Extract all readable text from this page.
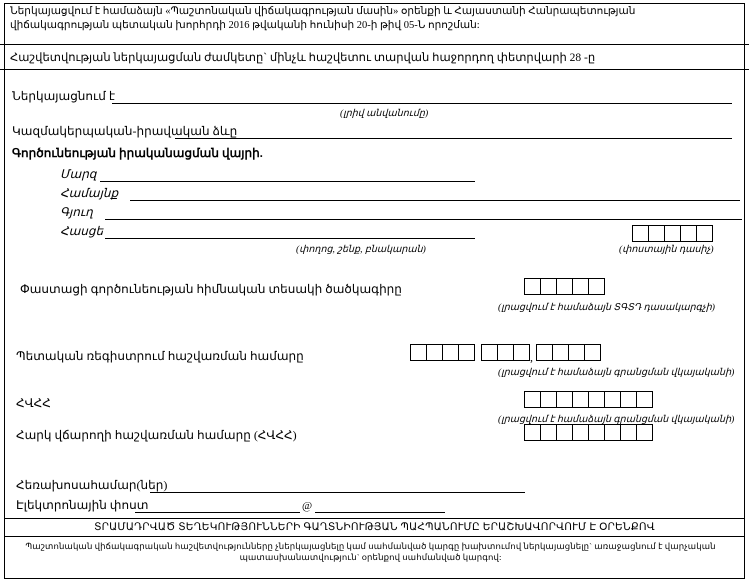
Ներկայացվում է համաձայն «Պաշտոնական վիճակագրության մասին» օրենքի և Հայաստանի Հանրապետության վիճակագրության պետական խորհրդի 2016 թվականի հունիսի 20-ի թիվ 05-Ն որոշման:
Հաշվետվության ներկայացման ժամկետը` մինչև հաշվետու տարվան հաջորդող փետրվարի 28 -ը
Ներկայացնում է
(լրիվ անվանումը)
Կազմակերպական-իրավական ձևը
Գործունեության իրականացման վայրի.
Մարզ
Համայնք
Գյուղ
Հասցե
(փողոց, շենք, բնակարան)	(փոստային դասիչ)
Փաստացի գործունեության հիմնական տեսակի ծածկագիրը
(լրացվում է համաձայն ՏԳՏԴ դասակարգչի)
Պետական ռեգիստրում հաշվառման համարը	,
(լրացվում է համաձայն գրանցման վկայականի)
ՀՎՀՀ
(լրացվում է համաձայն գրանցման վկայականի)
Հարկ վճարողի հաշվառման համարը (ՀՎՀՀ)
Հեռախոսահամար(ներ)
Էլեկտրոնային փոստ	@
ՏՐԱՄԱԴՐՎԱԾ ՏԵՂԵԿՈՒԹՅՈՒՆՆԵՐԻ ԳԱՂՏՆԻՈՒԹՅԱՆ ՊԱՀՊԱՆՈՒՄԸ ԵՐԱՇԽԱՎՈՐՎՈՒՄ Է ՕՐԵՆՔՈՎ
Պաշտոնական վիճակագրական հաշվետվությունները չներկայացնելը կամ սահմանված կարգը խախտումով ներկայացնելը` առաջացնում է վարչական պատասխանատվություն` օրենքով սահմանված կարգով:
